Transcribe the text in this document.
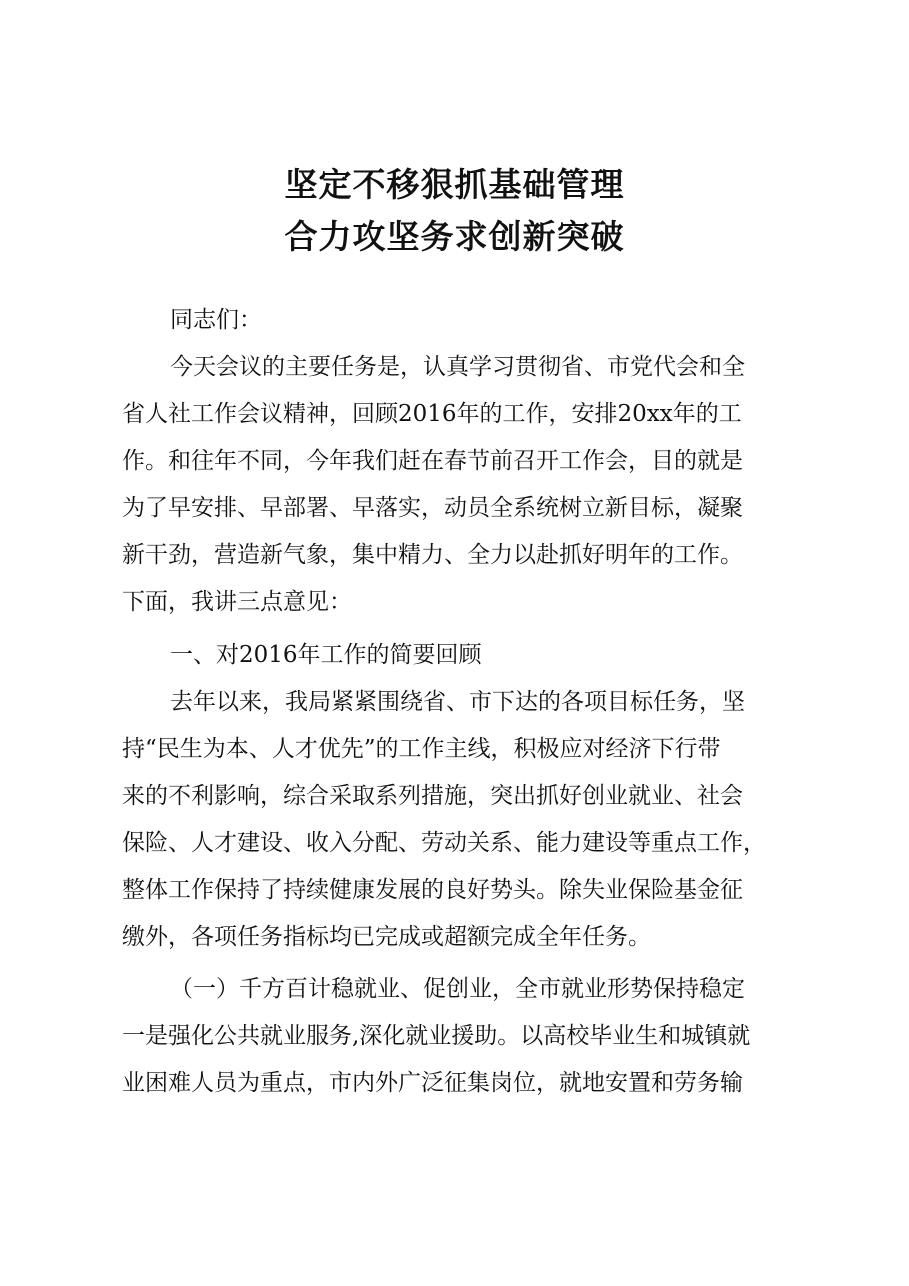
坚定不移狠抓基础管理
合力攻坚务求创新突破
同志们：
今天会议的主要任务是，认真学习贯彻省、市党代会和全
省人社工作会议精神，回顾2016年的工作，安排20xx年的工
作。和往年不同，今年我们赶在春节前召开工作会，目的就是
为了早安排、早部署、早落实，动员全系统树立新目标，凝聚
新干劲，营造新气象，集中精力、全力以赴抓好明年的工作。
下面，我讲三点意见：
一、对2016年工作的简要回顾
去年以来，我局紧紧围绕省、市下达的各项目标任务，坚
持“民生为本、人才优先”的工作主线，积极应对经济下行带
来的不利影响，综合采取系列措施，突出抓好创业就业、社会
保险、人才建设、收入分配、劳动关系、能力建设等重点工作，
整体工作保持了持续健康发展的良好势头。除失业保险基金征
缴外，各项任务指标均已完成或超额完成全年任务。
（一）千方百计稳就业、促创业，全市就业形势保持稳定
一是强化公共就业服务,深化就业援助。以高校毕业生和城镇就
业困难人员为重点，市内外广泛征集岗位，就地安置和劳务输
